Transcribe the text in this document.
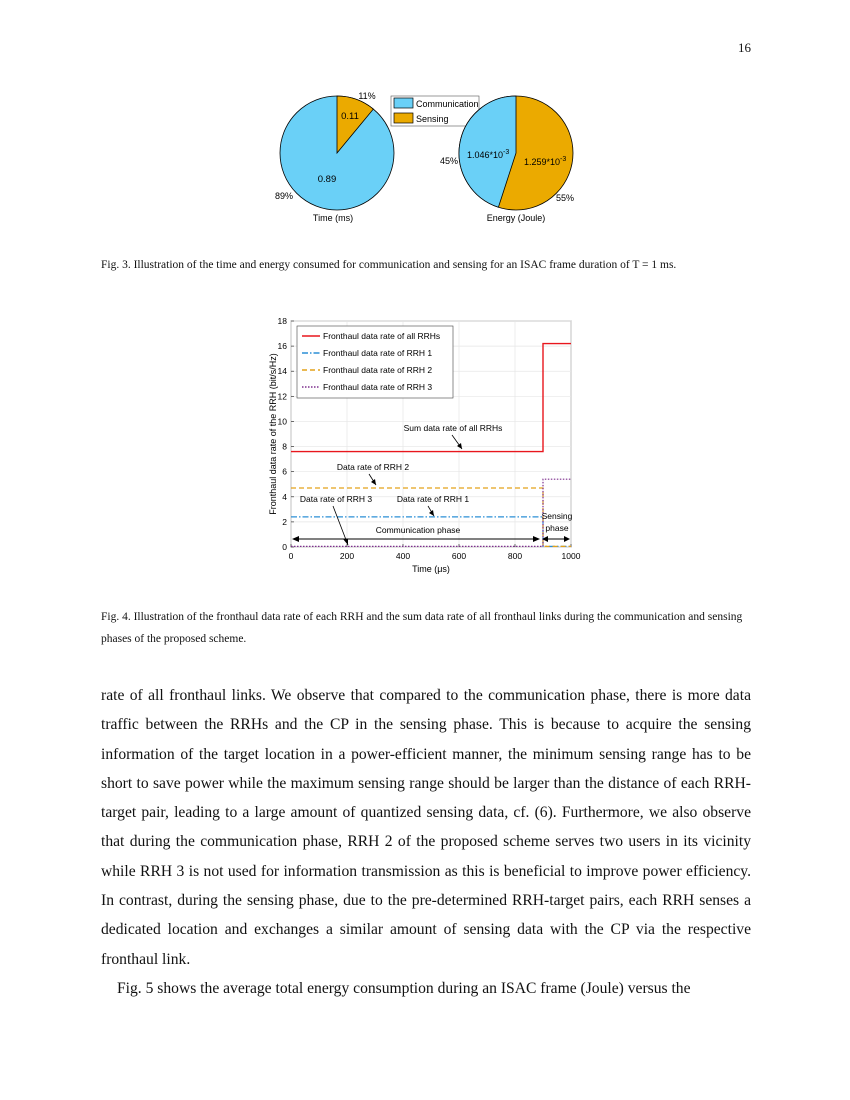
16
0.11
0.89
11%
89%
Time (ms)
Communication
Sensing
$1.046*10^{-3}$
$1.259*10^{-3}$
45%
55%
Energy (Joule)
Fig. 3. Illustration of the time and energy consumed for communication and sensing for an ISAC frame duration of T = 1 ms.
0	200	400	600	800	1000
0
2
4
6
8
10
12
14
16
18
Fronthaul data rate of all RRHs
Fronthaul data rate of RRH 1
Fronthaul data rate of RRH 2
Fronthaul data rate of RRH 3
Sum data rate of all RRHs
Data rate of RRH 2
Data rate of RRH 3	Data rate of RRH 1
Communication phase
Sensing
phase
Time (μs)
Fronthaul data rate of the RRH (bit/s/Hz)
Fig. 4. Illustration of the fronthaul data rate of each RRH and the sum data rate of all fronthaul links during the communication and sensing phases of the proposed scheme.

rate of all fronthaul links. We observe that compared to the communication phase, there is more data traffic between the RRHs and the CP in the sensing phase. This is because to acquire the sensing information of the target location in a power-efficient manner, the minimum sensing range has to be short to save power while the maximum sensing range should be larger than the distance of each RRH-target pair, leading to a large amount of quantized sensing data, cf. (6). Furthermore, we also observe that during the communication phase, RRH 2 of the proposed scheme serves two users in its vicinity while RRH 3 is not used for information transmission as this is beneficial to improve power efficiency. In contrast, during the sensing phase, due to the pre-determined RRH-target pairs, each RRH senses a dedicated location and exchanges a similar amount of sensing data with the CP via the respective fronthaul link.

Fig. 5 shows the average total energy consumption during an ISAC frame (Joule) versus the
